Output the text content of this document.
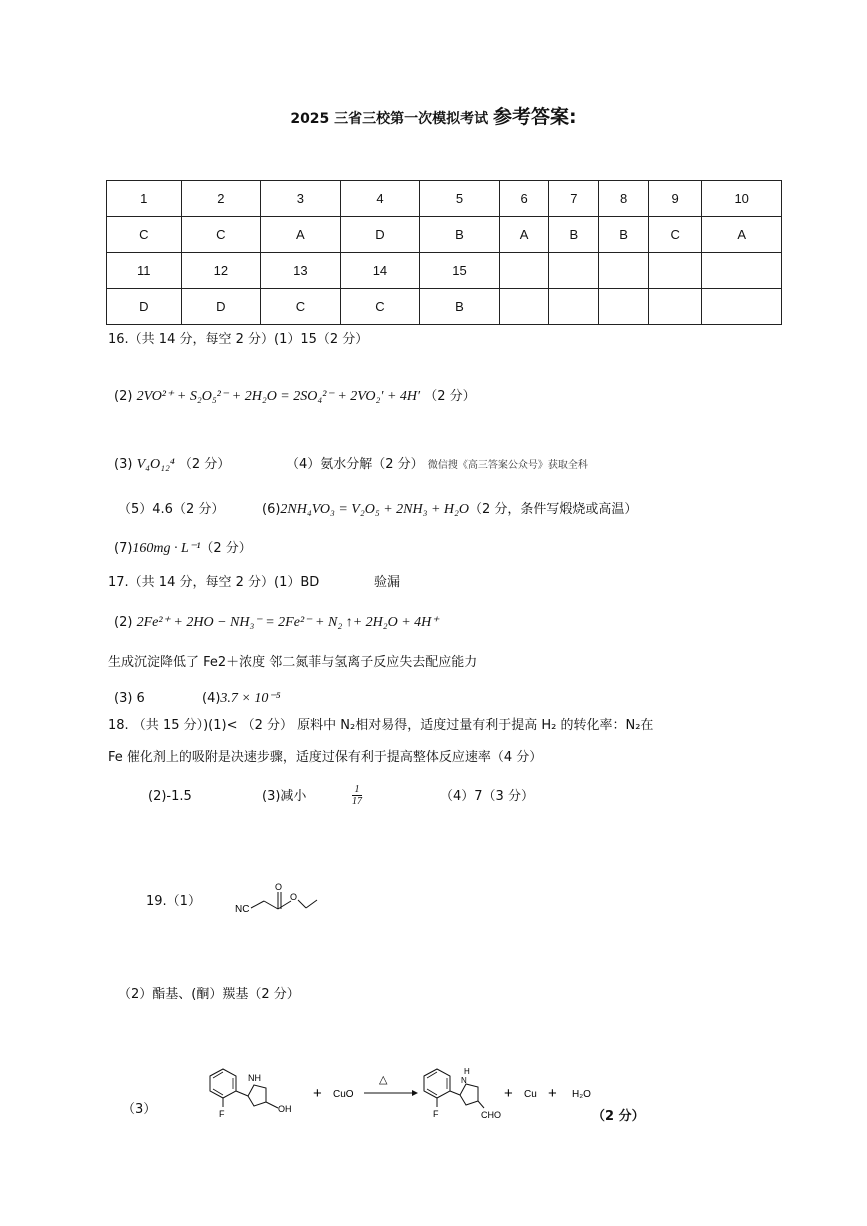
2025 三省三校第一次模拟考试 参考答案:
1	2	3	4	5	6	7	8	9	10
C	C	A	D	B	A	B	B	C	A
11	12	13	14	15					
D	D	C	C	B					
16.（共 14 分，每空 2 分）(1）15（2 分）
(2) 2VO²⁺ + S₂O₅²⁻ + 2H₂O = 2SO₄²⁻ + 2VO₂′ + 4H′ （2 分）
(3) V₄O₁₂⁴ （2 分）	（4）氨水分解（2 分） 微信搜《高三答案公众号》获取全科
（5）4.6（2 分）	(6)2NH₄VO₃ = V₂O₅ + 2NH₃ + H₂O（2 分，条件写煅烧或高温）
(7)160mg · L⁻¹（2 分）
17.（共 14 分，每空 2 分）(1）BD	验漏
(2) 2Fe²⁺ + 2HO − NH₃⁻ = 2Fe²⁻ + N₂ ↑+ 2H₂O + 4H⁺
生成沉淀降低了 Fe2＋浓度 邻二氮菲与氢离子反应失去配应能力
(3) 6	(4)3.7 × 10⁻⁵
18. （共 15 分）)(1)< （2 分） 原料中 N₂相对易得，适度过量有利于提高 H₂ 的转化率：N₂在
Fe 催化剂上的吸附是决速步骤，适度过保有利于提高整体反应速率（4 分）
(2)-1.5	(3)减小	$\frac{1}{17}$	（4）7（3 分）
19.（1）
NC
O
O
（2）酯基、(酮）羰基（2 分）
（3）	F
NH
OH
+ CuO
△
F
H
N
CHO
+ Cu + H₂O
（2 分）
